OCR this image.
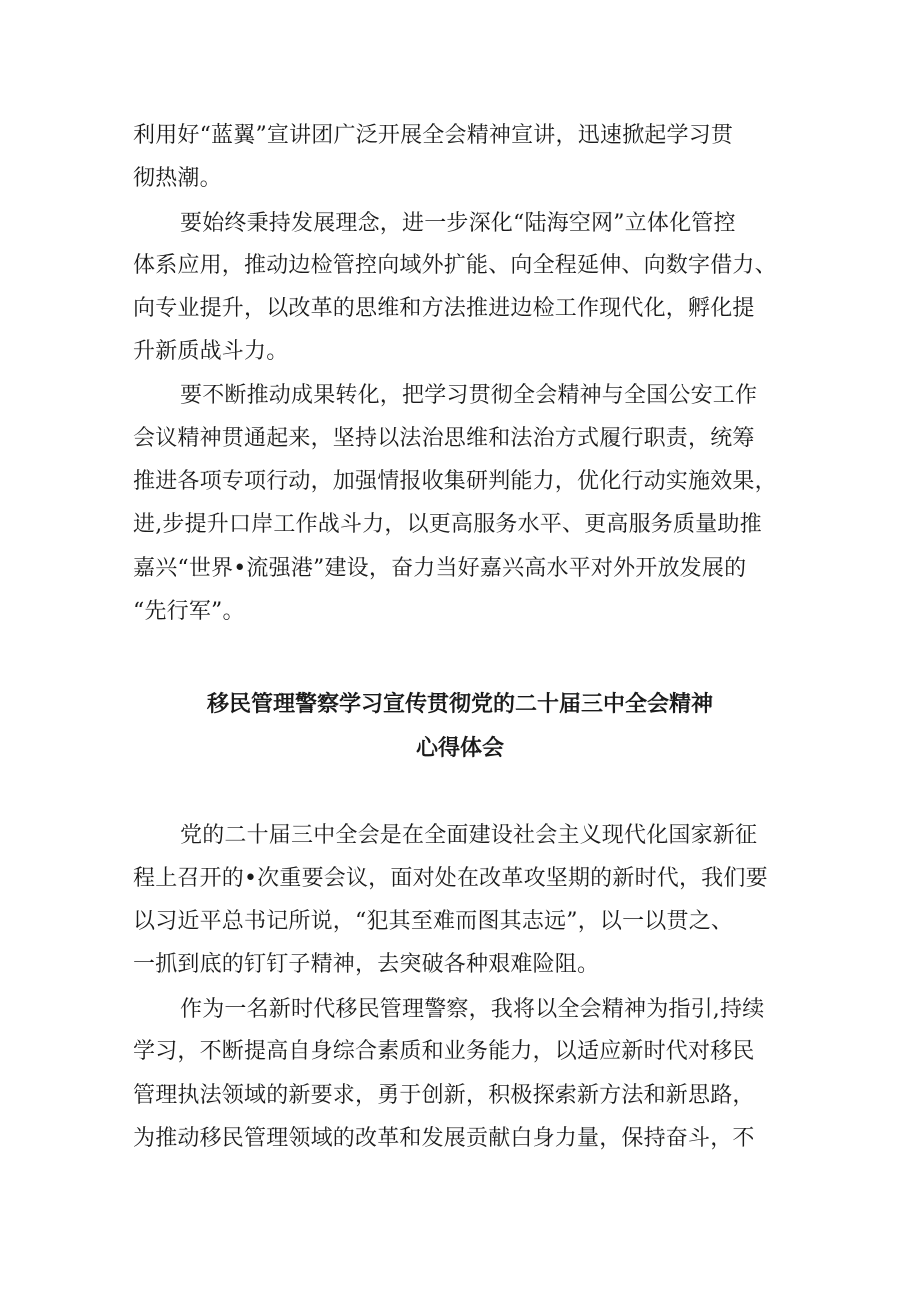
利用好“蓝翼”宣讲团广泛开展全会精神宣讲，迅速掀起学习贯
彻热潮。
要始终秉持发展理念，进一步深化“陆海空网”立体化管控
体系应用，推动边检管控向域外扩能、向全程延伸、向数字借力、
向专业提升，以改革的思维和方法推进边检工作现代化，孵化提
升新质战斗力。
要不断推动成果转化，把学习贯彻全会精神与全国公安工作
会议精神贯通起来，坚持以法治思维和法治方式履行职责，统筹
推进各项专项行动，加强情报收集研判能力，优化行动实施效果，
进,步提升口岸工作战斗力，以更高服务水平、更高服务质量助推
嘉兴“世界•流强港”建设，奋力当好嘉兴高水平对外开放发展的
“先行军”。
移民管理警察学习宣传贯彻党的二十届三中全会精神
心得体会
党的二十届三中全会是在全面建设社会主义现代化国家新征
程上召开的•次重要会议，面对处在改革攻坚期的新时代，我们要
以习近平总书记所说，“犯其至难而图其志远”，以一以贯之、
一抓到底的钉钉子精神，去突破各种艰难险阻。
作为一名新时代移民管理警察，我将以全会精神为指引,持续
学习，不断提高自身综合素质和业务能力，以适应新时代对移民
管理执法领域的新要求，勇于创新，积极探索新方法和新思路，
为推动移民管理领域的改革和发展贡献白身力量，保持奋斗，不
